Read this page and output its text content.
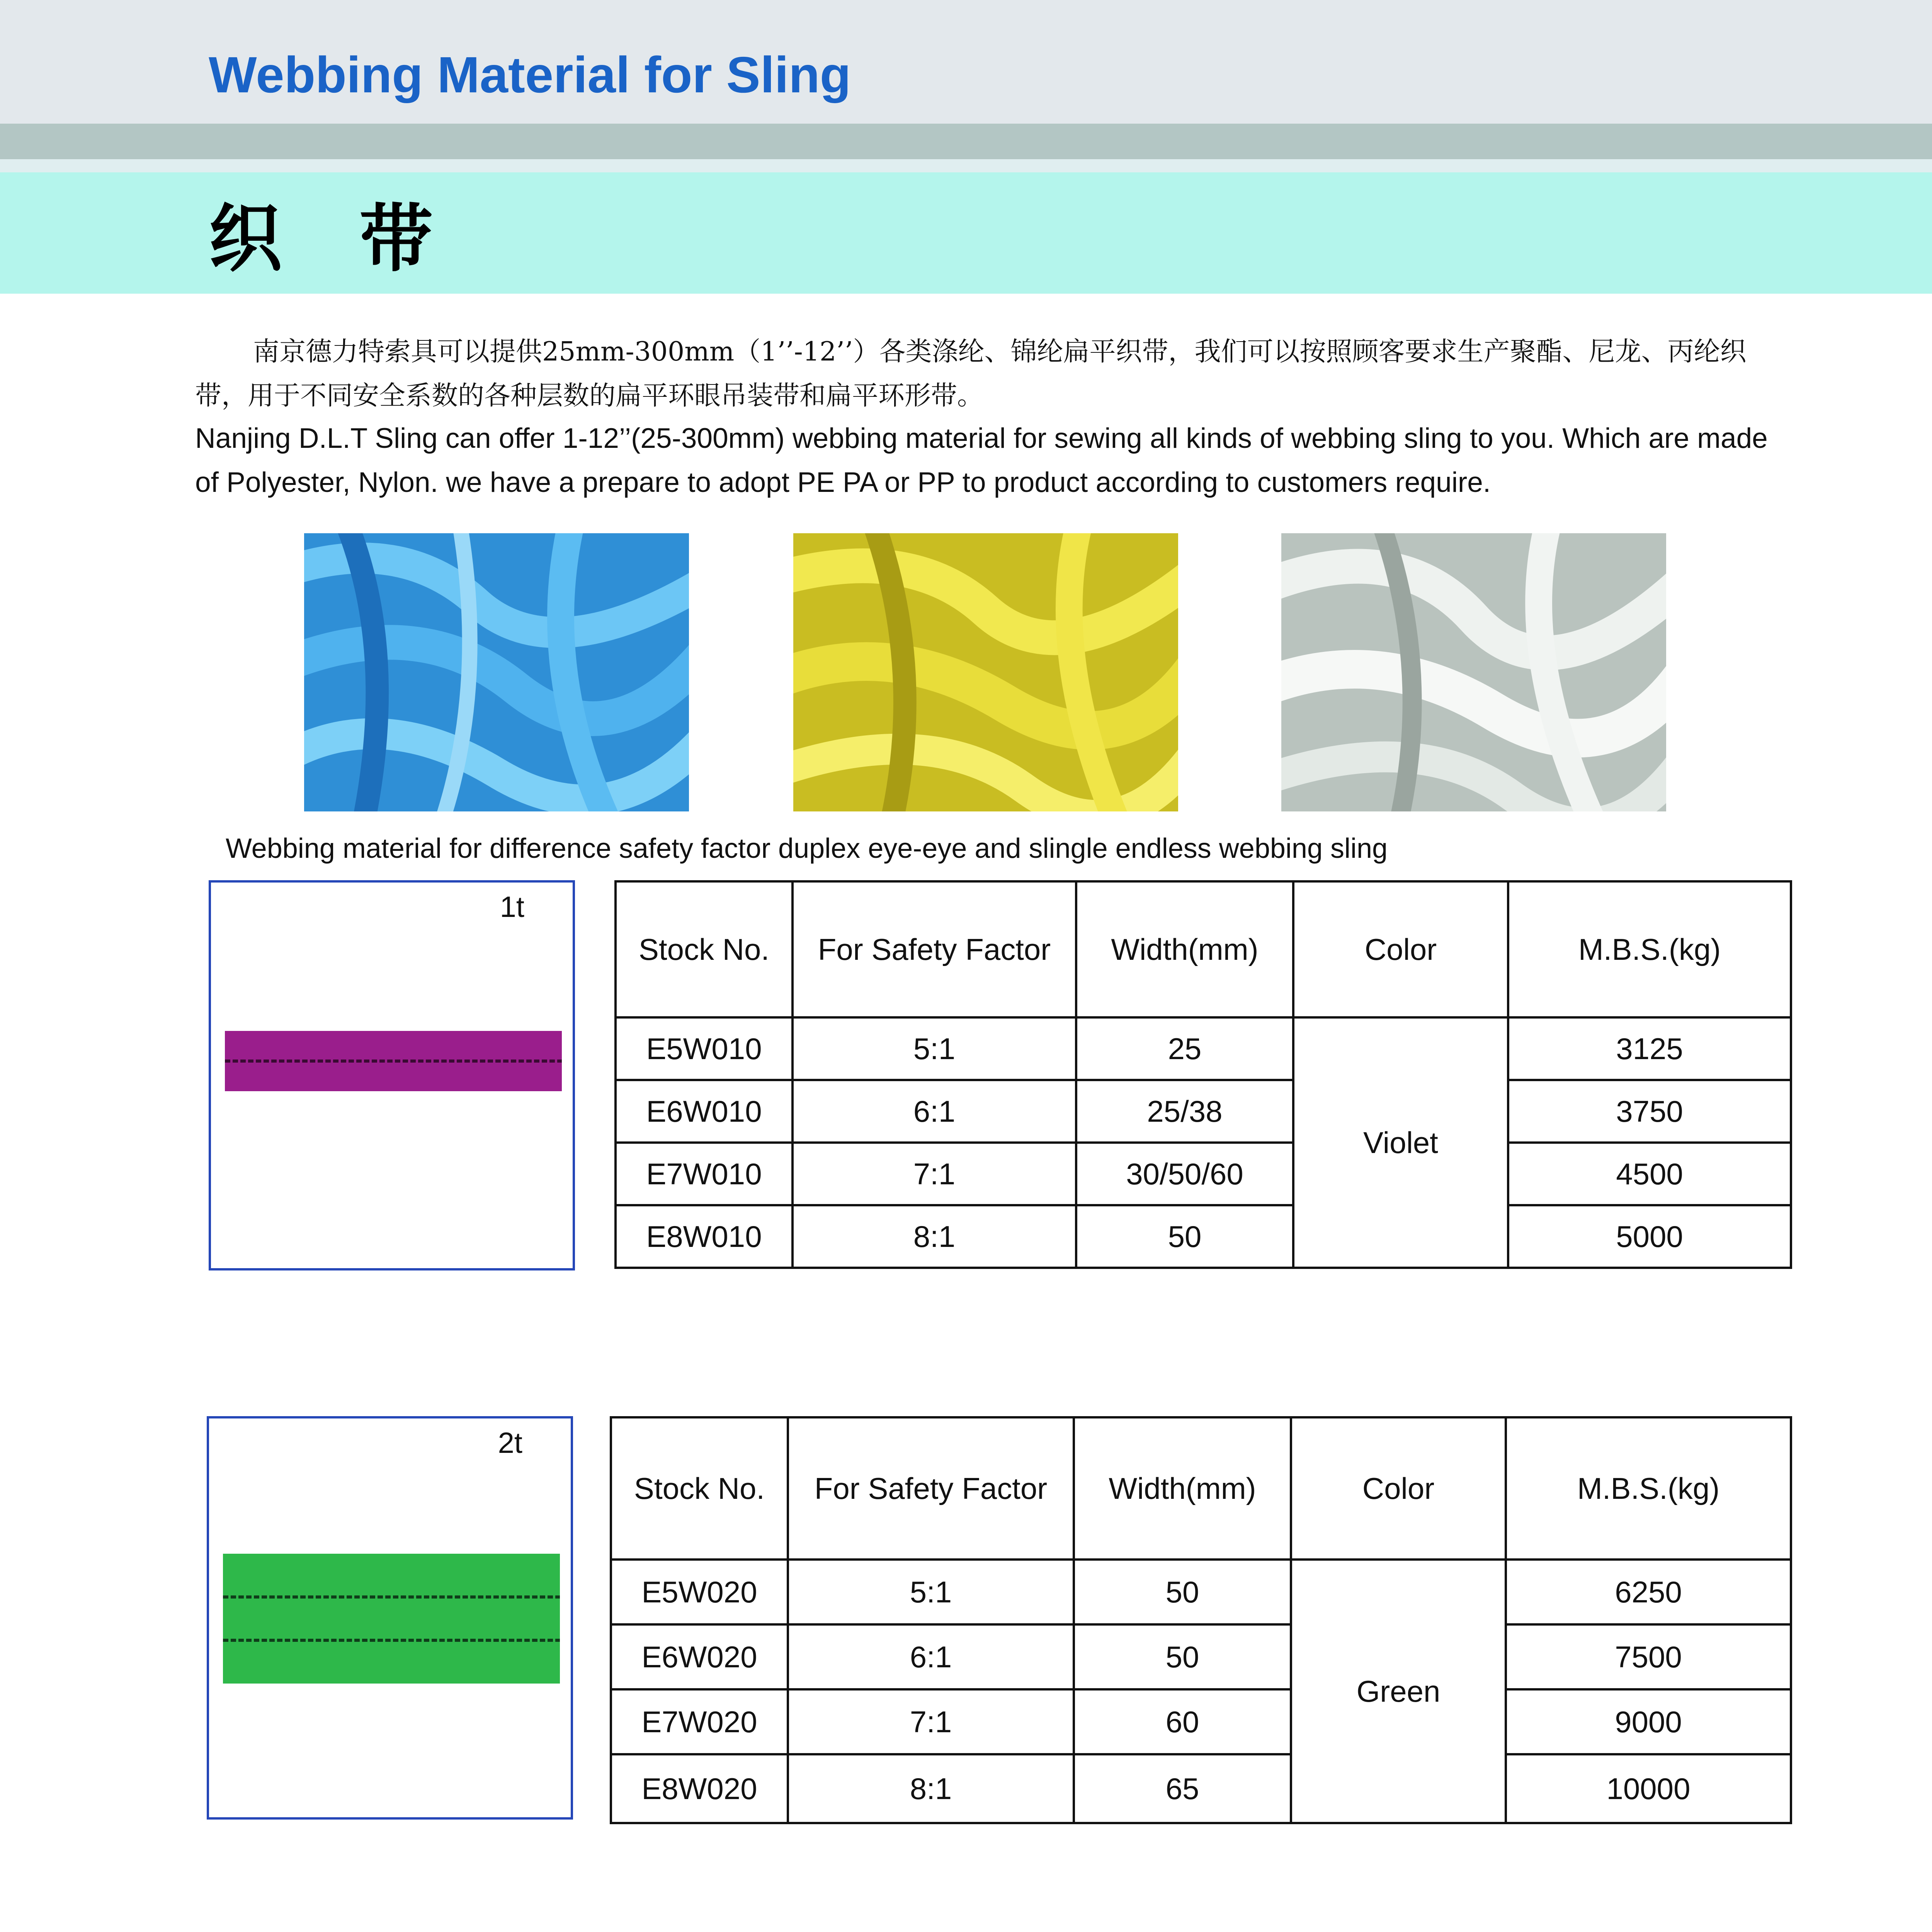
Webbing Material for Sling
织带
南京德力特索具可以提供25mm-300mm（1’’-12’’）各类涤纶、锦纶扁平织带，我们可以按照顾客要求生产聚酯、尼龙、丙纶织带，用于不同安全系数的各种层数的扁平环眼吊装带和扁平环形带。
Nanjing D.L.T Sling can offer 1-12’’(25-300mm) webbing material for sewing all kinds of webbing sling to you. Which are made of Polyester, Nylon. we have a prepare to adopt PE PA or PP to product according to customers require.
Webbing material for difference safety factor duplex eye-eye and slingle endless webbing sling
1t
Stock No.	For Safety Factor	Width(mm)	Color	M.B.S.(kg)
E5W010	5:1	25	Violet	3125
E6W010	6:1	25/38		3750
E7W010	7:1	30/50/60		4500
E8W010	8:1	50		5000
2t
Stock No.	For Safety Factor	Width(mm)	Color	M.B.S.(kg)
E5W020	5:1	50	Green	6250
E6W020	6:1	50		7500
E7W020	7:1	60		9000
E8W020	8:1	65		10000
